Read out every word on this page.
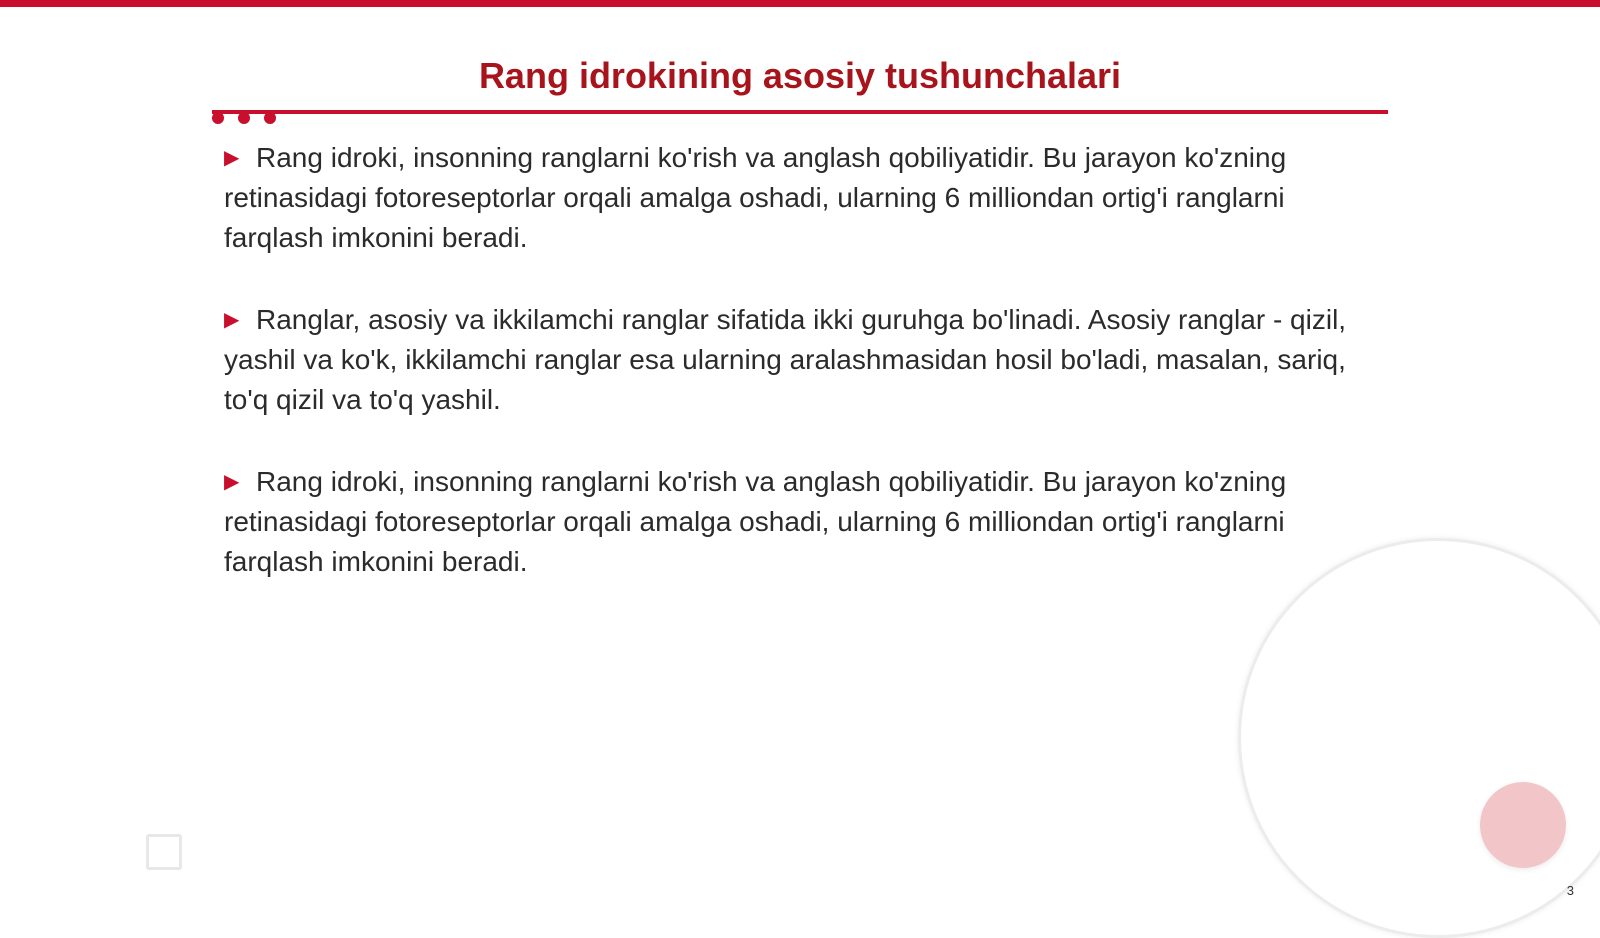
Rang idrokining asosiy tushunchalari

▶ Rang idroki, insonning ranglarni ko'rish va anglash qobiliyatidir. Bu jarayon ko'zning retinasidagi fotoreseptorlar orqali amalga oshadi, ularning 6 milliondan ortig'i ranglarni farqlash imkonini beradi.

▶ Ranglar, asosiy va ikkilamchi ranglar sifatida ikki guruhga bo'linadi. Asosiy ranglar - qizil, yashil va ko'k, ikkilamchi ranglar esa ularning aralashmasidan hosil bo'ladi, masalan, sariq, to'q qizil va to'q yashil.

▶ Rang idroki, insonning ranglarni ko'rish va anglash qobiliyatidir. Bu jarayon ko'zning retinasidagi fotoreseptorlar orqali amalga oshadi, ularning 6 milliondan ortig'i ranglarni farqlash imkonini beradi.

3
